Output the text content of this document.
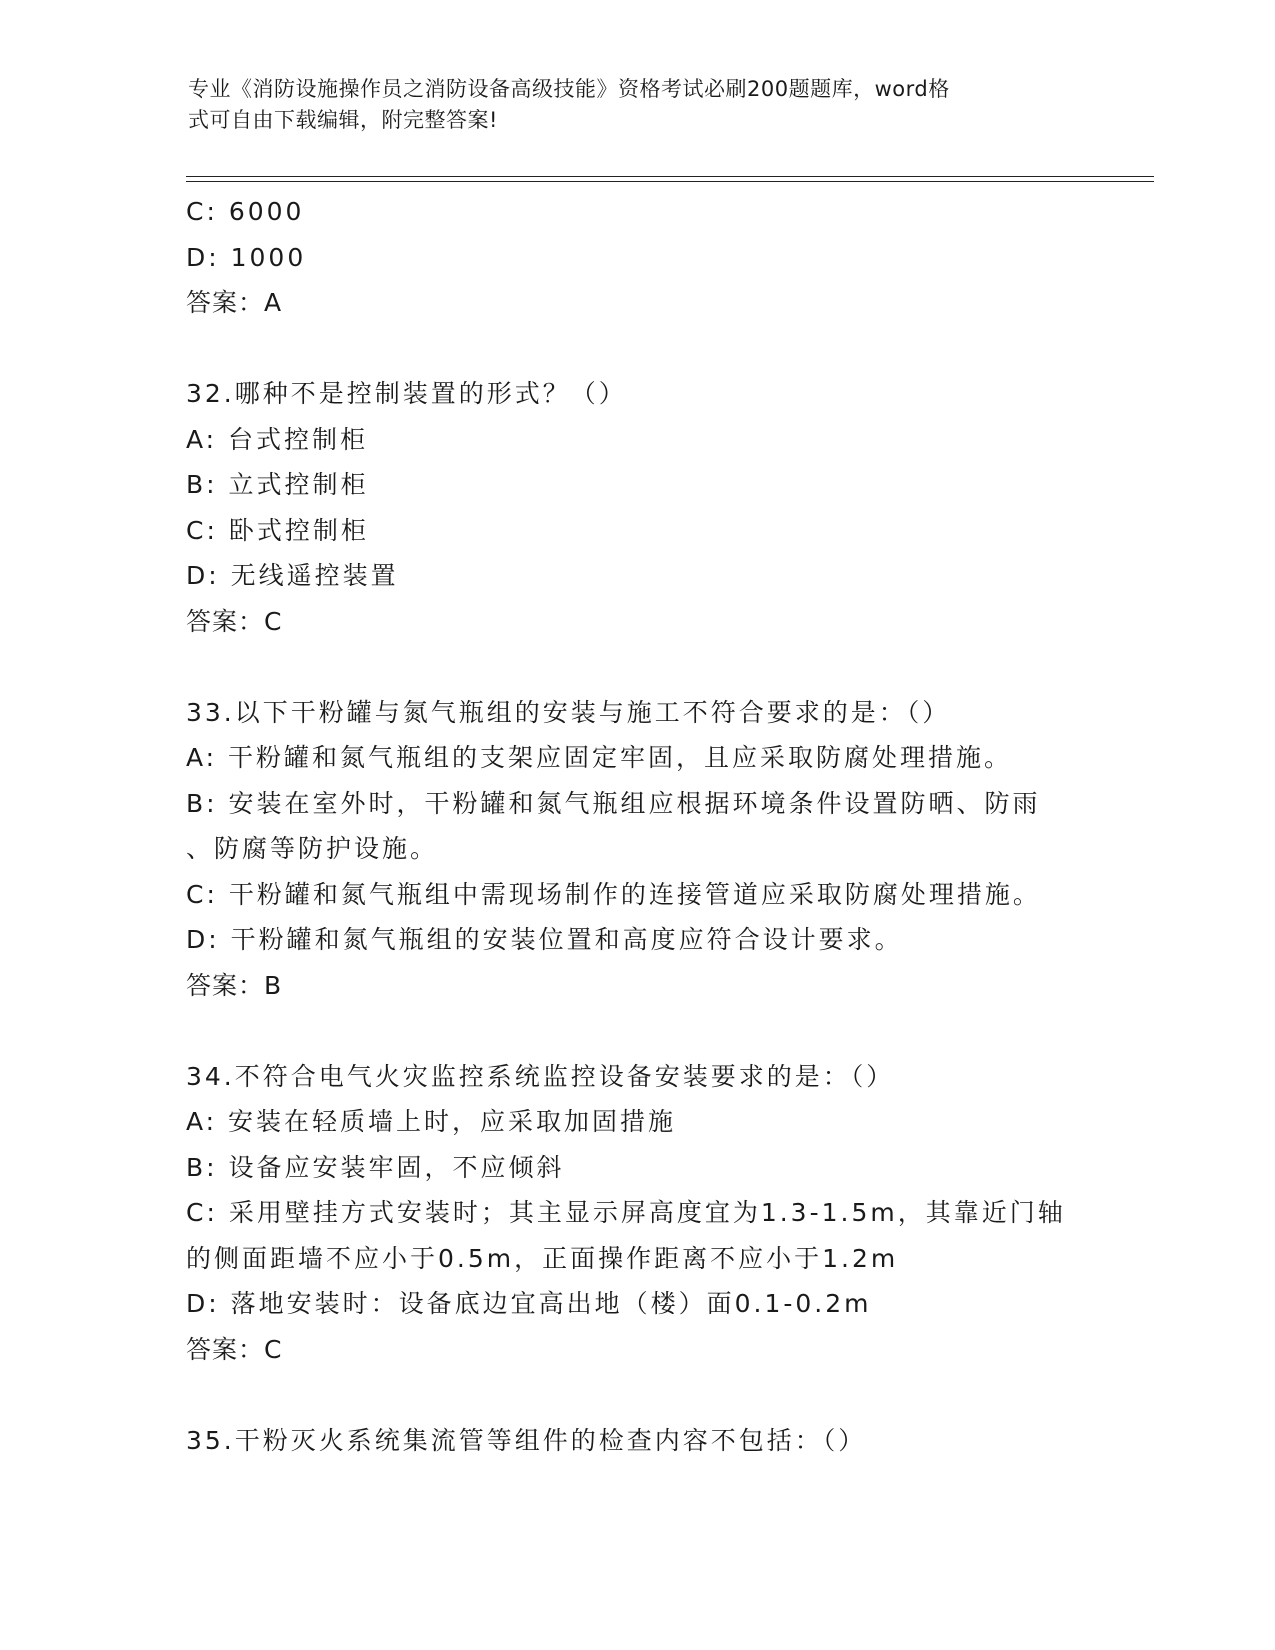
专业《消防设施操作员之消防设备高级技能》资格考试必刷200题题库，word格
式可自由下载编辑，附完整答案!
C: 6000
D: 1000
答案：A
32.哪种不是控制装置的形式？（）
A: 台式控制柜
B: 立式控制柜
C: 卧式控制柜
D: 无线遥控装置
答案：C
33.以下干粉罐与氮气瓶组的安装与施工不符合要求的是：（）
A: 干粉罐和氮气瓶组的支架应固定牢固，且应采取防腐处理措施。
B: 安装在室外时，干粉罐和氮气瓶组应根据环境条件设置防晒、防雨
、防腐等防护设施。
C: 干粉罐和氮气瓶组中需现场制作的连接管道应采取防腐处理措施。
D: 干粉罐和氮气瓶组的安装位置和高度应符合设计要求。
答案：B
34.不符合电气火灾监控系统监控设备安装要求的是：（）
A: 安装在轻质墙上时，应采取加固措施
B: 设备应安装牢固，不应倾斜
C: 采用壁挂方式安装时；其主显示屏高度宜为1.3-1.5m，其靠近门轴
的侧面距墙不应小于0.5m，正面操作距离不应小于1.2m
D: 落地安装时：设备底边宜高出地（楼）面0.1-0.2m
答案：C
35.干粉灭火系统集流管等组件的检查内容不包括：（）
